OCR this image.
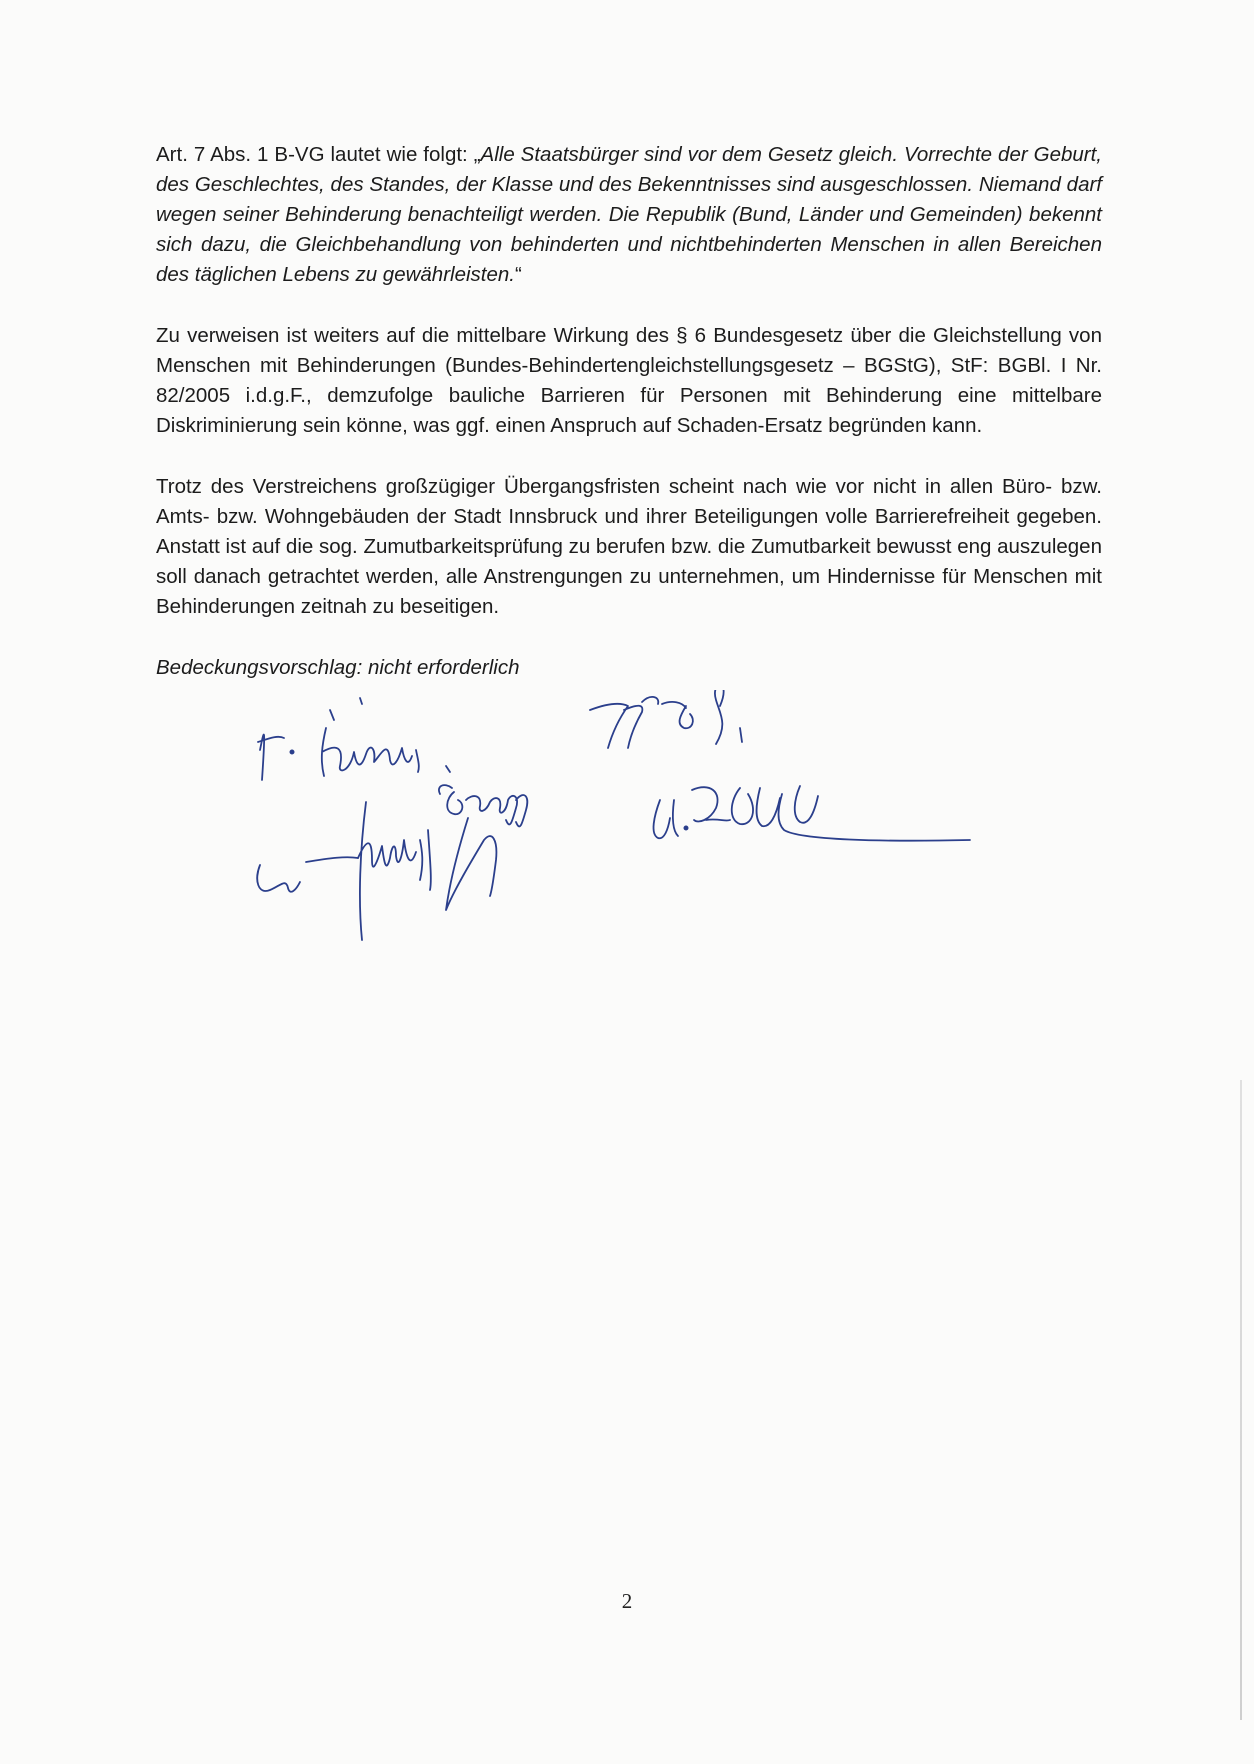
Art. 7 Abs. 1 B-VG lautet wie folgt: „Alle Staatsbürger sind vor dem Gesetz gleich. Vorrechte der Geburt, des Geschlechtes, des Standes, der Klasse und des Bekenntnisses sind ausgeschlossen. Niemand darf wegen seiner Behinderung benachteiligt werden. Die Republik (Bund, Länder und Gemeinden) bekennt sich dazu, die Gleichbehandlung von behinderten und nichtbehinderten Menschen in allen Bereichen des täglichen Lebens zu gewährleisten.“

Zu verweisen ist weiters auf die mittelbare Wirkung des § 6 Bundesgesetz über die Gleichstellung von Menschen mit Behinderungen (Bundes-Behindertengleichstellungsgesetz – BGStG), StF: BGBl. I Nr. 82/2005 i.d.g.F., demzufolge bauliche Barrieren für Personen mit Behinderung eine mittelbare Diskriminierung sein könne, was ggf. einen Anspruch auf Schaden-Ersatz begründen kann.

Trotz des Verstreichens großzügiger Übergangsfristen scheint nach wie vor nicht in allen Büro- bzw. Amts- bzw. Wohngebäuden der Stadt Innsbruck und ihrer Beteiligungen volle Barrierefreiheit gegeben. Anstatt ist auf die sog. Zumutbarkeitsprüfung zu berufen bzw. die Zumutbarkeit bewusst eng auszulegen soll danach getrachtet werden, alle Anstrengungen zu unternehmen, um Hindernisse für Menschen mit Behinderungen zeitnah zu beseitigen.

Bedeckungsvorschlag: nicht erforderlich

2
